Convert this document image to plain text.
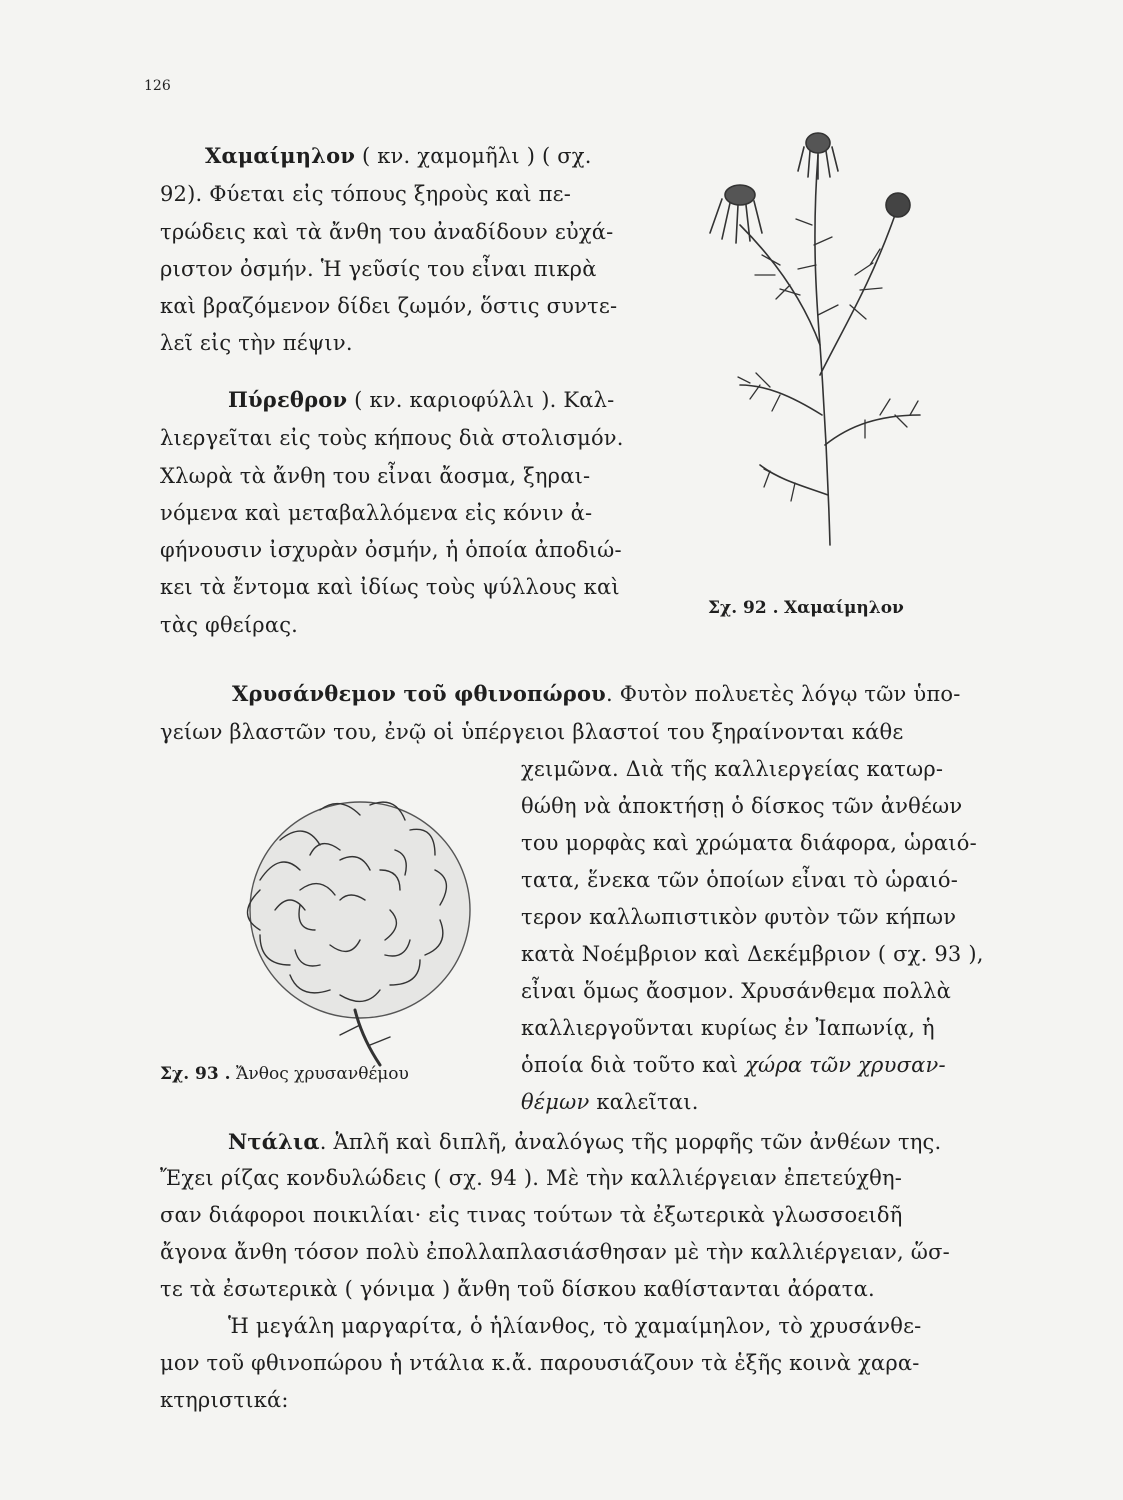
126
Χαμαίμηλον ( κν. χαμομῆλι ) ( σχ.
92). Φύεται εἰς τόπους ξηροὺς καὶ πε-
τρώδεις καὶ τὰ ἄνθη του ἀναδίδουν εὐχά-
ριστον ὀσμήν. Ἡ γεῦσίς του εἶναι πικρὰ
καὶ βραζόμενον δίδει ζωμόν, ὅστις συντε-
λεῖ εἰς τὴν πέψιν.
Πύρεθρον ( κν. καριοφύλλι ). Καλ-
λιεργεῖται εἰς τοὺς κήπους διὰ στολισμόν.
Χλωρὰ τὰ ἄνθη του εἶναι ἄοσμα, ξηραι-
νόμενα καὶ μεταβαλλόμενα εἰς κόνιν ἀ-
φήνουσιν ἰσχυρὰν ὀσμήν, ἡ ὁποία ἀποδιώ-
κει τὰ ἔντομα καὶ ἰδίως τοὺς ψύλλους καὶ
τὰς φθείρας.
Σχ. 92 . Χαμαίμηλον
Χρυσάνθεμον τοῦ φθινοπώρου. Φυτὸν πολυετὲς λόγῳ τῶν ὑπο-
γείων βλαστῶν του, ἐνῷ οἱ ὑπέργειοι βλαστοί του ξηραίνονται κάθε
χειμῶνα. Διὰ τῆς καλλιεργείας κατωρ-
θώθη νὰ ἀποκτήσῃ ὁ δίσκος τῶν ἀνθέων
του μορφὰς καὶ χρώματα διάφορα, ὡραιό-
τατα, ἕνεκα τῶν ὁποίων εἶναι τὸ ὡραιό-
τερον καλλωπιστικὸν φυτὸν τῶν κήπων
κατὰ Νοέμβριον καὶ Δεκέμβριον ( σχ. 93 ),
εἶναι ὅμως ἄοσμον. Χρυσάνθεμα πολλὰ
καλλιεργοῦνται κυρίως ἐν Ἰαπωνίᾳ, ἡ
ὁποία διὰ τοῦτο καὶ χώρα τῶν χρυσαν-
θέμων καλεῖται.
Σχ. 93 . Ἄνθος χρυσανθέμου
Ντάλια. Ἁπλῆ καὶ διπλῆ, ἀναλόγως τῆς μορφῆς τῶν ἀνθέων της.
Ἔχει ρίζας κονδυλώδεις ( σχ. 94 ). Μὲ τὴν καλλιέργειαν ἐπετεύχθη-
σαν διάφοροι ποικιλίαι· εἰς τινας τούτων τὰ ἐξωτερικὰ γλωσσοειδῆ
ἄγονα ἄνθη τόσον πολὺ ἐπολλαπλασιάσθησαν μὲ τὴν καλλιέργειαν, ὥσ-
τε τὰ ἐσωτερικὰ ( γόνιμα ) ἄνθη τοῦ δίσκου καθίστανται ἀόρατα.
Ἡ μεγάλη μαργαρίτα, ὁ ἡλίανθος, τὸ χαμαίμηλον, τὸ χρυσάνθε-
μον τοῦ φθινοπώρου ἡ ντάλια κ.ἄ. παρουσιάζουν τὰ ἑξῆς κοινὰ χαρα-
κτηριστικά:
